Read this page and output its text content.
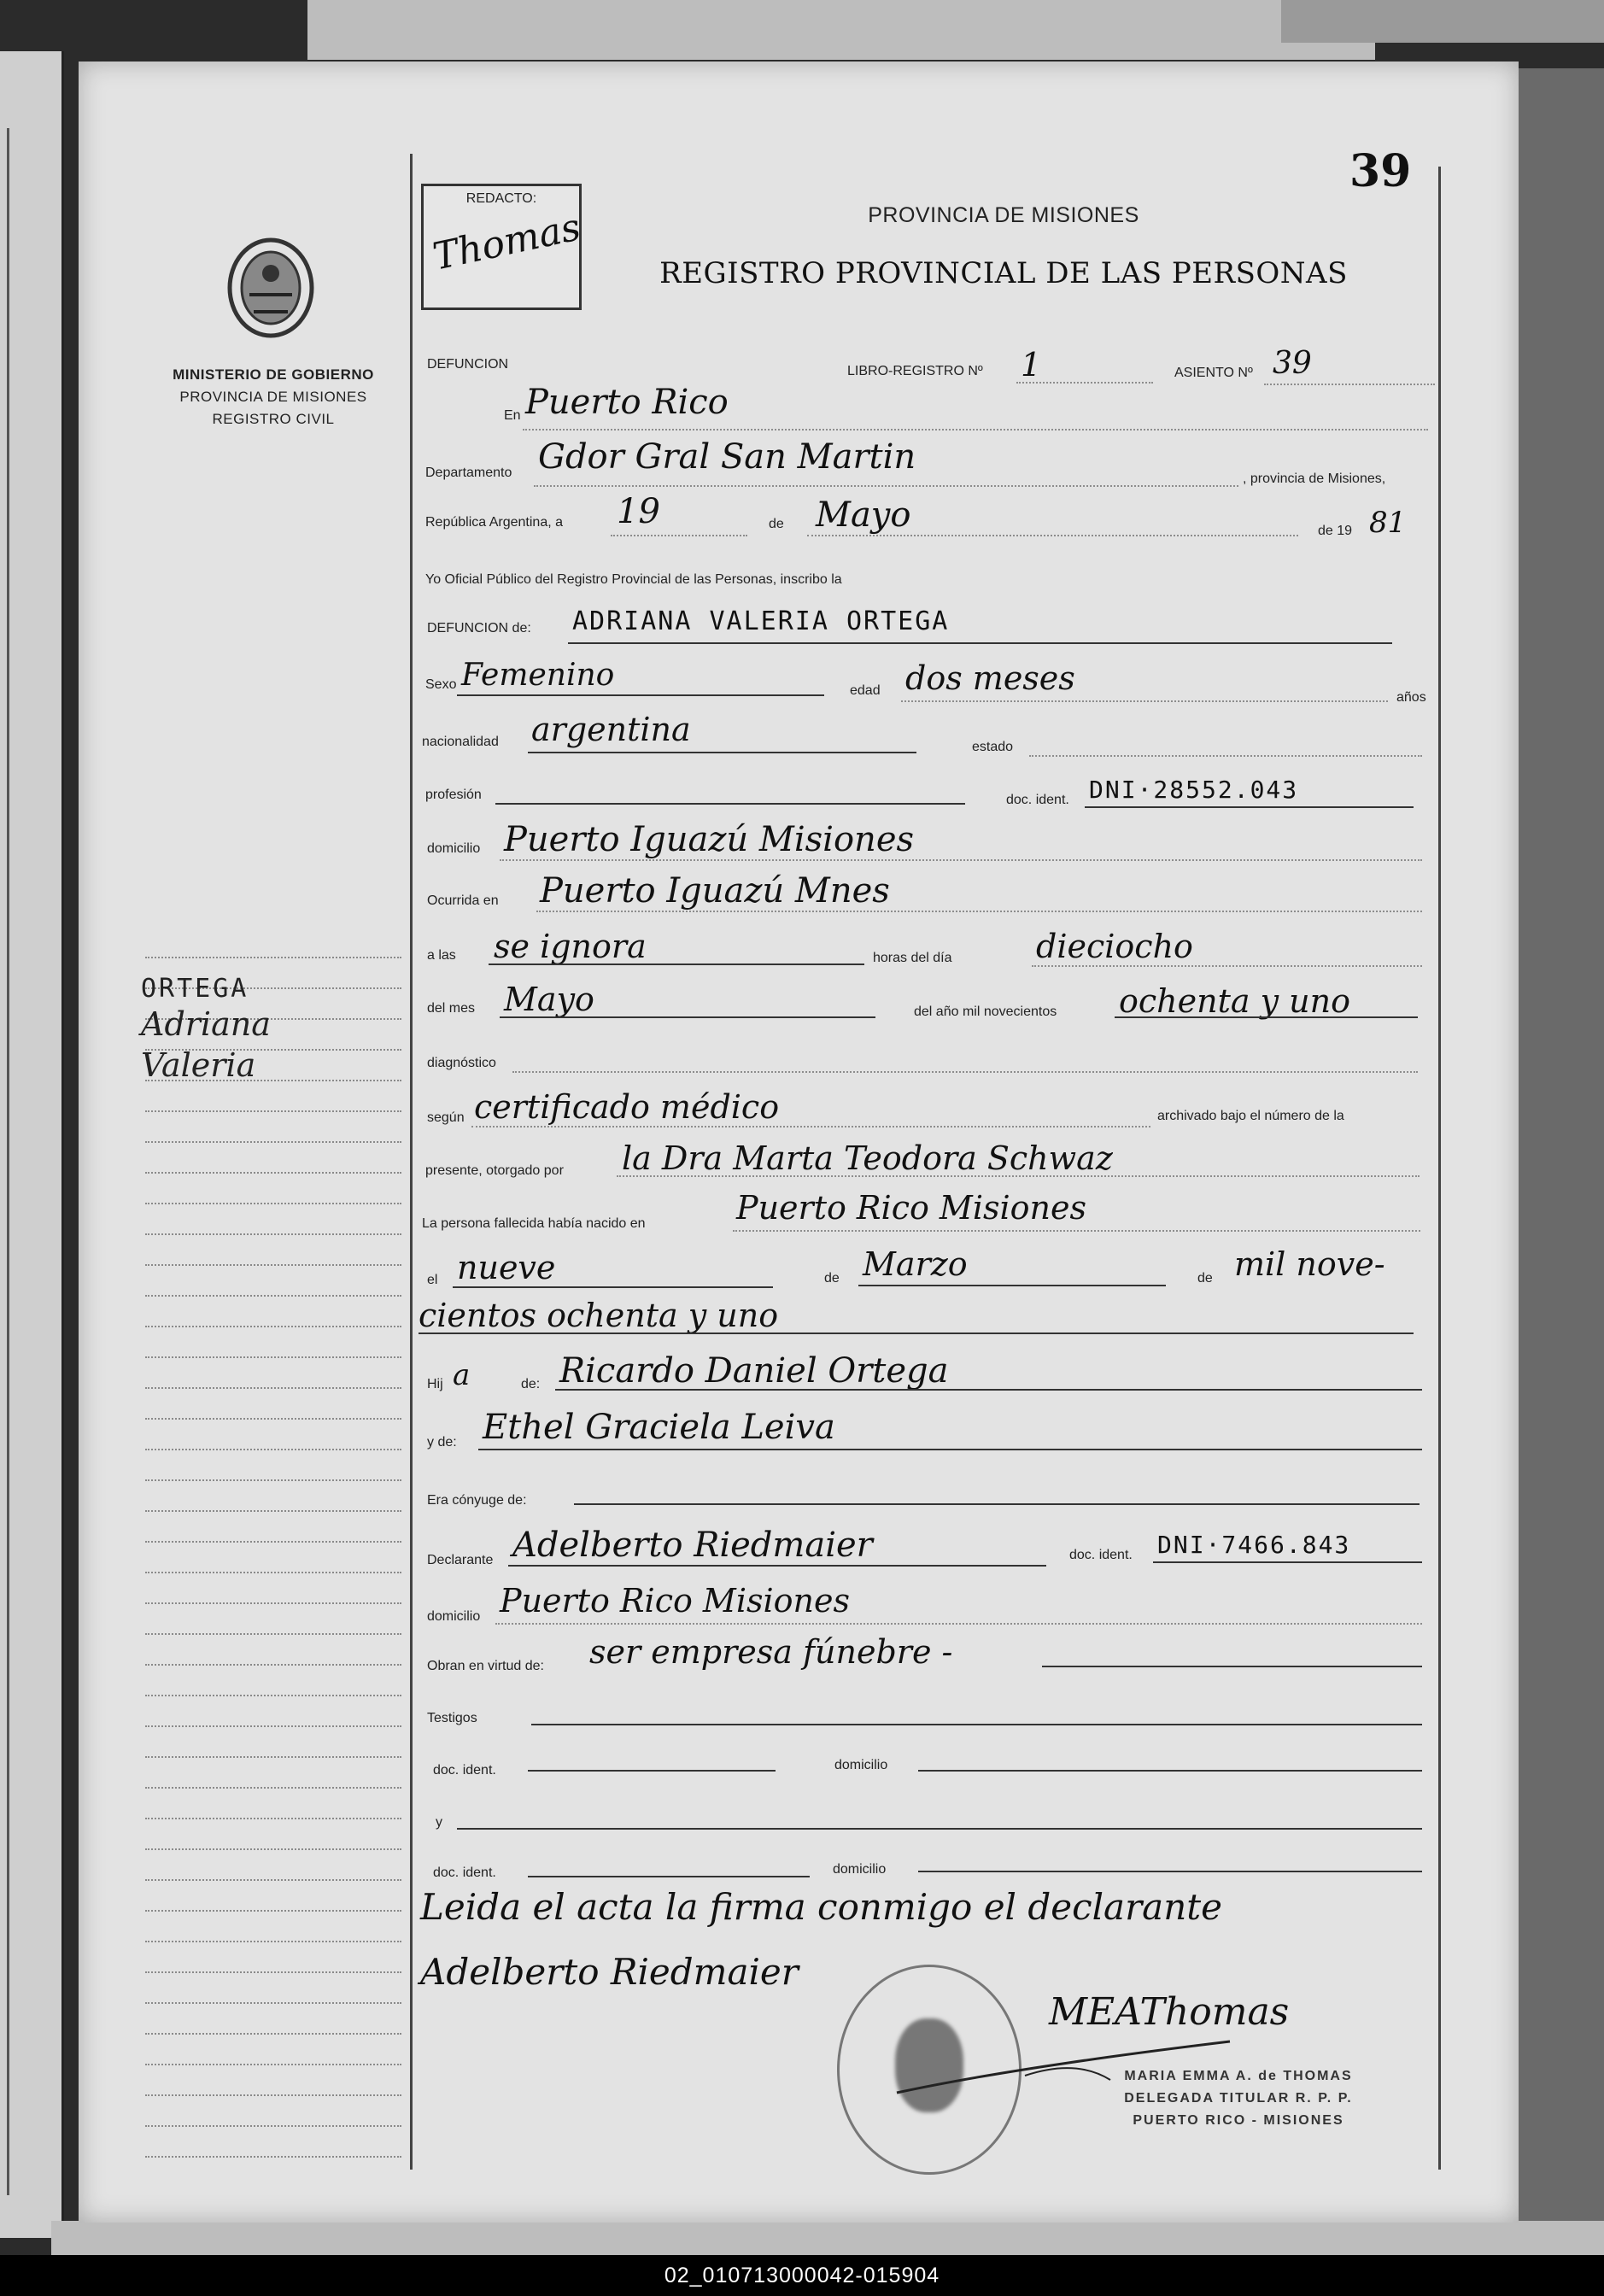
MINISTERIO DE GOBIERNO
PROVINCIA DE MISIONES
REGISTRO CIVIL
ORTEGA
Adriana
Valeria
39
REDACTO:
Thomas	PROVINCIA DE MISIONES
REGISTRO PROVINCIAL DE LAS PERSONAS
DEFUNCION	LIBRO-REGISTRO Nº 1	ASIENTO Nº 39
En Puerto Rico
Departamento Gdor Gral San Martin
, provincia de Misiones,
República Argentina, a 19	de Mayo	de 19 81
Yo Oficial Público del Registro Provincial de las Personas, inscribo la
DEFUNCION de: ADRIANA VALERIA ORTEGA
Sexo Femenino	edad dos meses
años
nacionalidad argentina	estado
profesión	doc. ident. DNI·28552.043
domicilio Puerto Iguazú Misiones
Ocurrida en Puerto Iguazú Mnes
a las se ignora	horas del día	dieciocho
del mes Mayo	del año mil novecientos ochenta y uno
diagnóstico
según certificado médico	archivado bajo el número de la
presente, otorgado por la Dra Marta Teodora Schwaz
La persona fallecida había nacido en	Puerto Rico Misiones
el nueve	de Marzo	de mil nove-
cientos ochenta y uno
Hij a	de: Ricardo Daniel Ortega
y de: Ethel Graciela Leiva
Era cónyuge de:
Declarante Adelberto Riedmaier	doc. ident. DNI·7466.843
domicilio Puerto Rico Misiones
Obran en virtud de: ser empresa fúnebre -
Testigos
doc. ident.	domicilio
y
doc. ident.	domicilio
Leida el acta la firma conmigo el declarante
Adelberto Riedmaier
MEAThomas
MARIA EMMA A. de THOMAS
DELEGADA TITULAR R. P. P.
PUERTO RICO - MISIONES
02_010713000042-015904
